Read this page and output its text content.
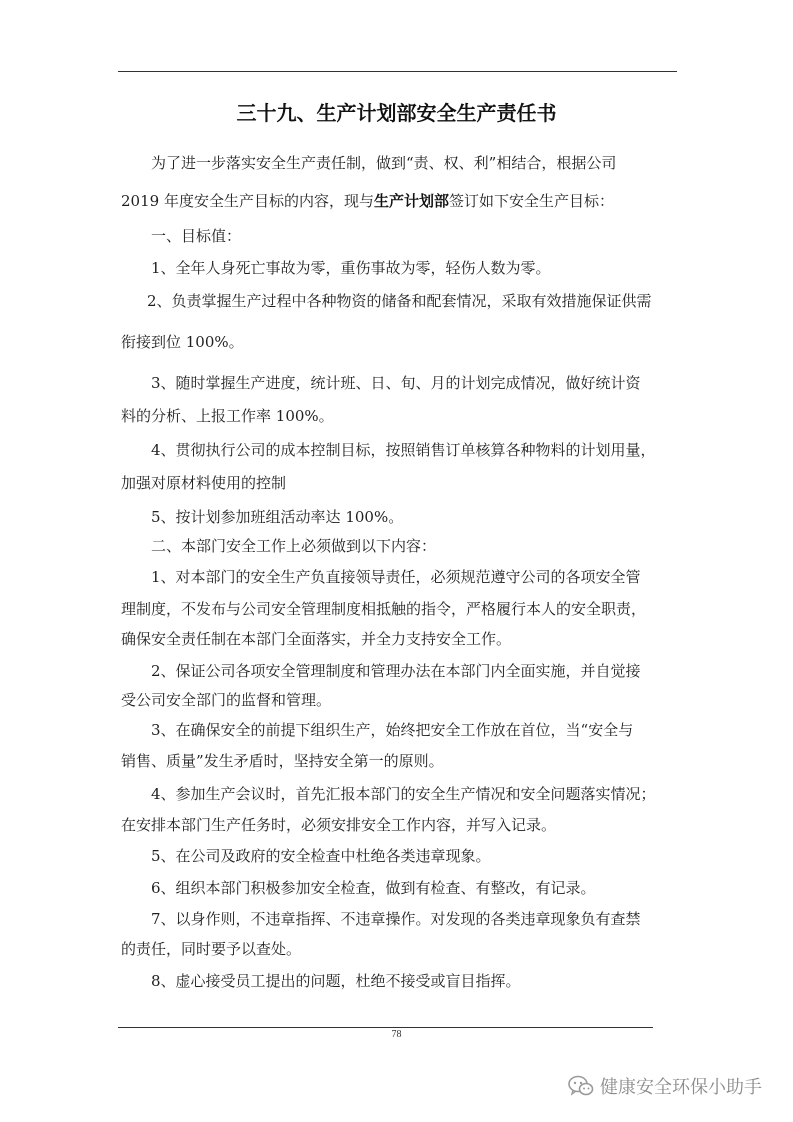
三十九、生产计划部安全生产责任书
为了进一步落实安全生产责任制，做到“责、权、利”相结合，根据公司
2019 年度安全生产目标的内容，现与生产计划部签订如下安全生产目标：
一、目标值：
1、全年人身死亡事故为零，重伤事故为零，轻伤人数为零。
2、负责掌握生产过程中各种物资的储备和配套情况，采取有效措施保证供需
衔接到位 100%。
3、随时掌握生产进度，统计班、日、旬、月的计划完成情况，做好统计资
料的分析、上报工作率 100%。
4、贯彻执行公司的成本控制目标，按照销售订单核算各种物料的计划用量，
加强对原材料使用的控制
5、按计划参加班组活动率达 100%。
二、本部门安全工作上必须做到以下内容：
1、对本部门的安全生产负直接领导责任，必须规范遵守公司的各项安全管
理制度，不发布与公司安全管理制度相抵触的指令，严格履行本人的安全职责，
确保安全责任制在本部门全面落实，并全力支持安全工作。
2、保证公司各项安全管理制度和管理办法在本部门内全面实施，并自觉接
受公司安全部门的监督和管理。
3、在确保安全的前提下组织生产，始终把安全工作放在首位，当“安全与
销售、质量”发生矛盾时，坚持安全第一的原则。
4、参加生产会议时，首先汇报本部门的安全生产情况和安全问题落实情况；
在安排本部门生产任务时，必须安排安全工作内容，并写入记录。
5、在公司及政府的安全检查中杜绝各类违章现象。
6、组织本部门积极参加安全检查，做到有检查、有整改，有记录。
7、以身作则，不违章指挥、不违章操作。对发现的各类违章现象负有查禁
的责任，同时要予以查处。
8、虚心接受员工提出的问题，杜绝不接受或盲目指挥。
78
健康安全环保小助手
